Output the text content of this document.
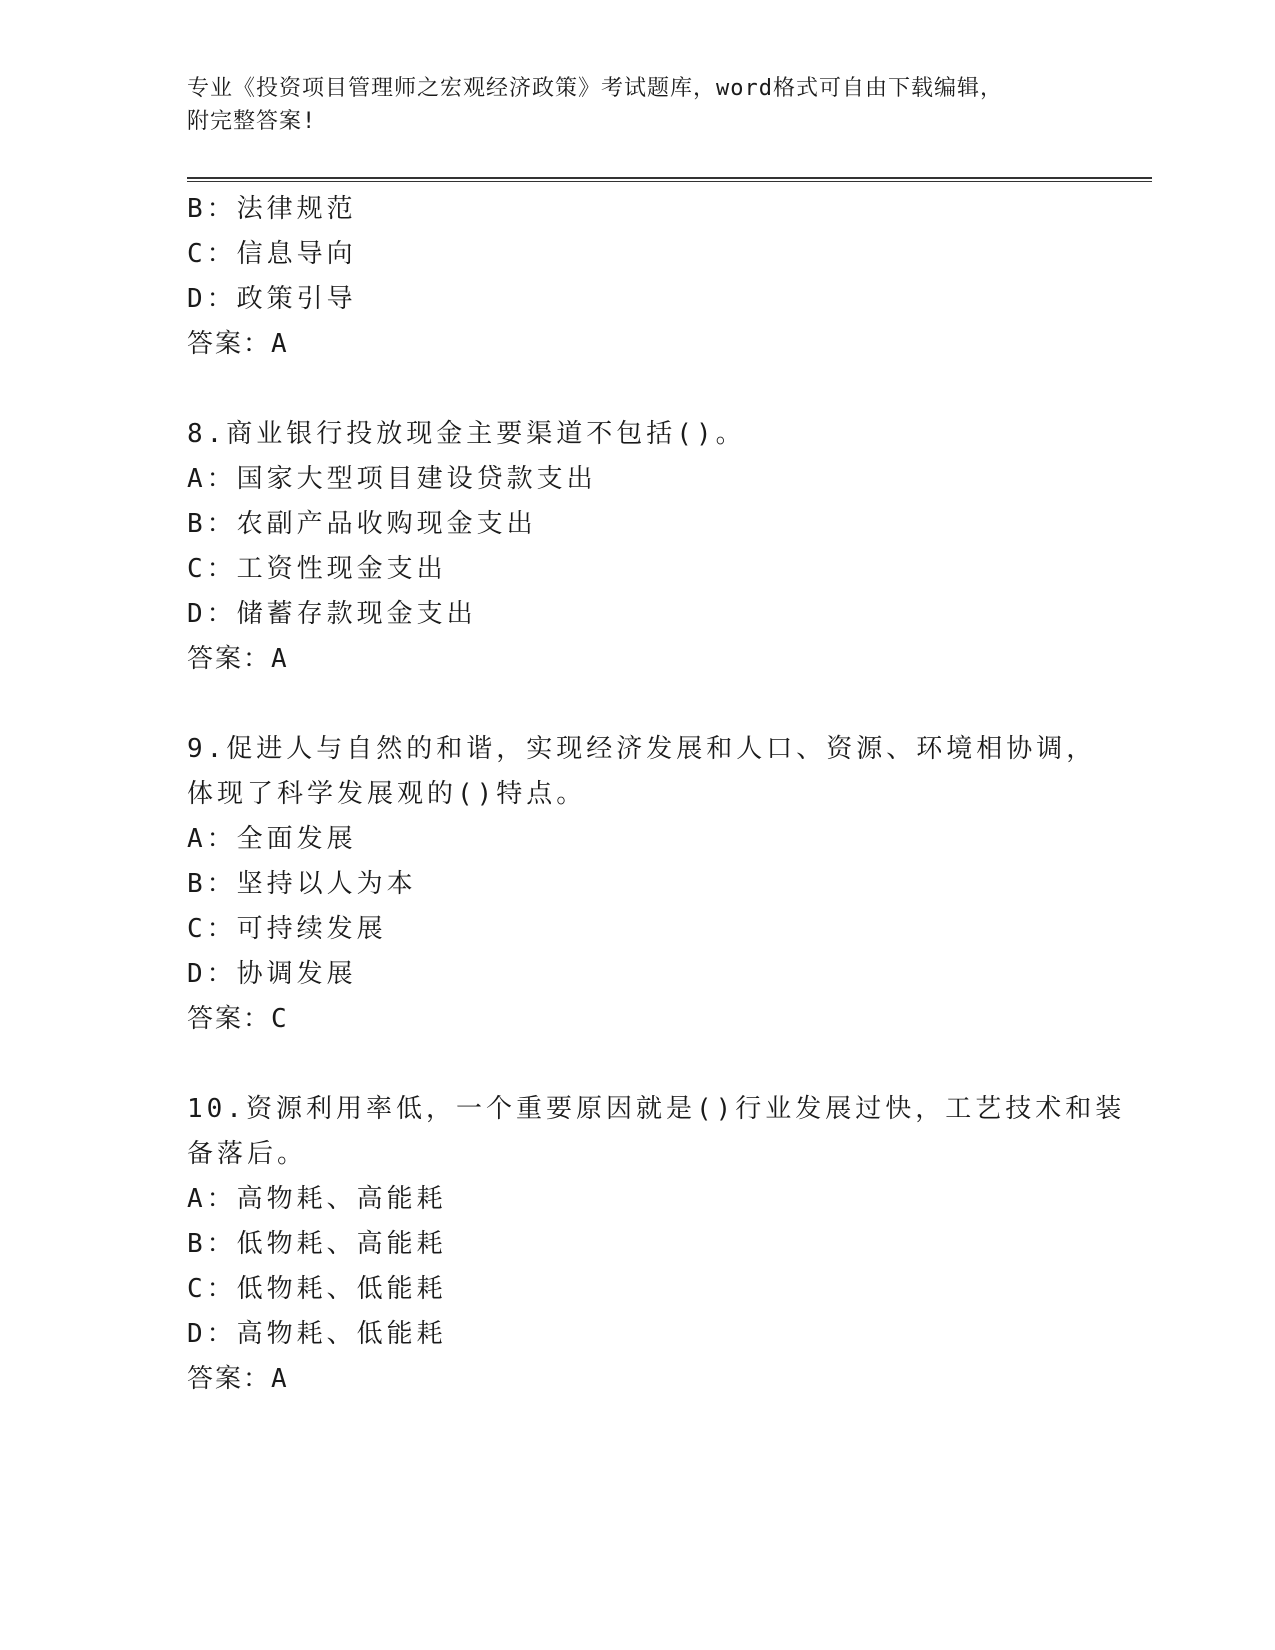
专业《投资项目管理师之宏观经济政策》考试题库，word格式可自由下载编辑，
附完整答案!
B：法律规范
C：信息导向
D：政策引导
答案：A
8.商业银行投放现金主要渠道不包括()。
A：国家大型项目建设贷款支出
B：农副产品收购现金支出
C：工资性现金支出
D：储蓄存款现金支出
答案：A
9.促进人与自然的和谐，实现经济发展和人口、资源、环境相协调，
体现了科学发展观的()特点。
A：全面发展
B：坚持以人为本
C：可持续发展
D：协调发展
答案：C
10.资源利用率低，一个重要原因就是()行业发展过快，工艺技术和装
备落后。
A：高物耗、高能耗
B：低物耗、高能耗
C：低物耗、低能耗
D：高物耗、低能耗
答案：A
